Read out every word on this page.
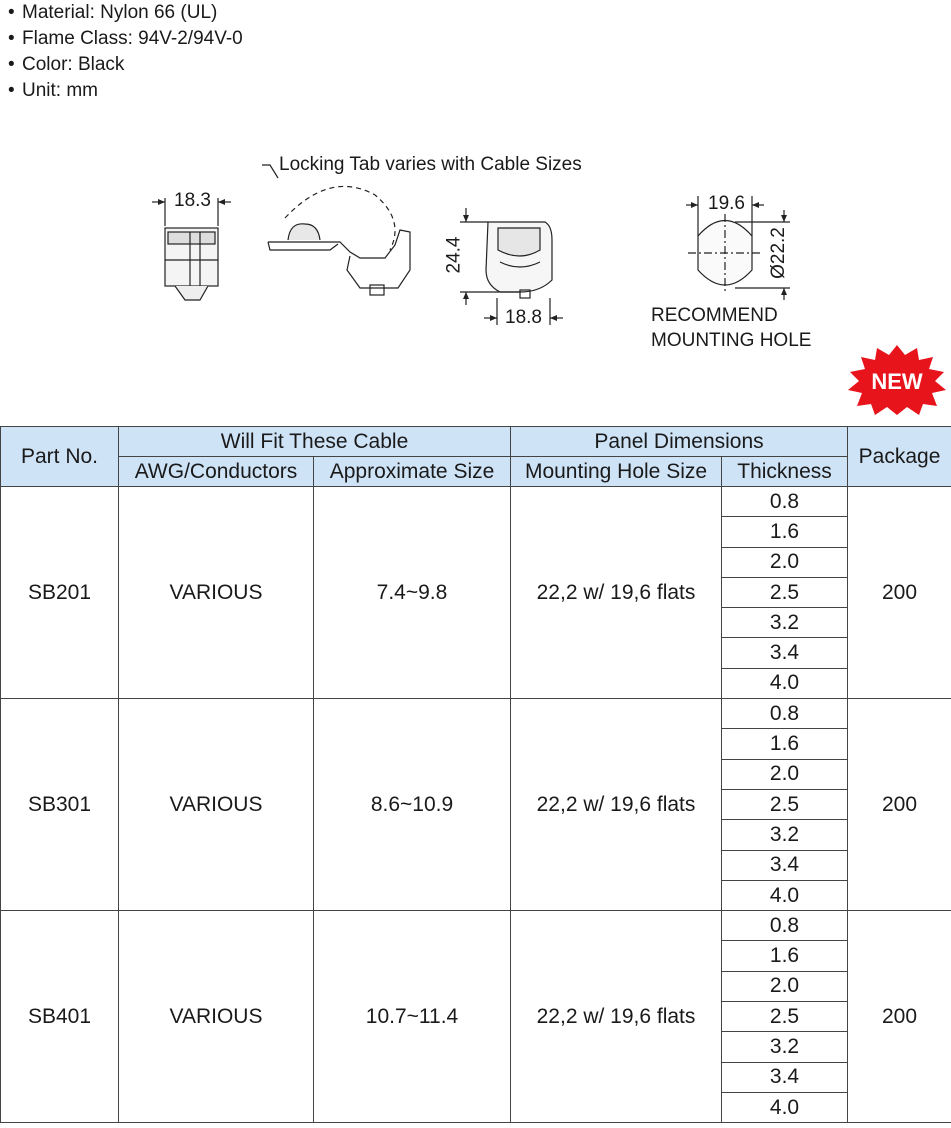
• Material: Nylon 66 (UL)
• Flame Class: 94V-2/94V-0
• Color: Black
• Unit: mm
Locking Tab varies with Cable Sizes
18.3
24.4
18.8
19.6
Ø22.2
RECOMMEND
MOUNTING HOLE
NEW
Part No.	Will Fit These Cable		Panel Dimensions		Package
	AWG/Conductors	Approximate Size	Mounting Hole Size	Thickness	
SB201	VARIOUS	7.4~9.8	22,2 w/ 19,6 flats	0.8	200
				1.6	
				2.0	
				2.5	
				3.2	
				3.4	
				4.0	
SB301	VARIOUS	8.6~10.9	22,2 w/ 19,6 flats	0.8	200
				1.6	
				2.0	
				2.5	
				3.2	
				3.4	
				4.0	
SB401	VARIOUS	10.7~11.4	22,2 w/ 19,6 flats	0.8	200
				1.6	
				2.0	
				2.5	
				3.2	
				3.4	
				4.0	
